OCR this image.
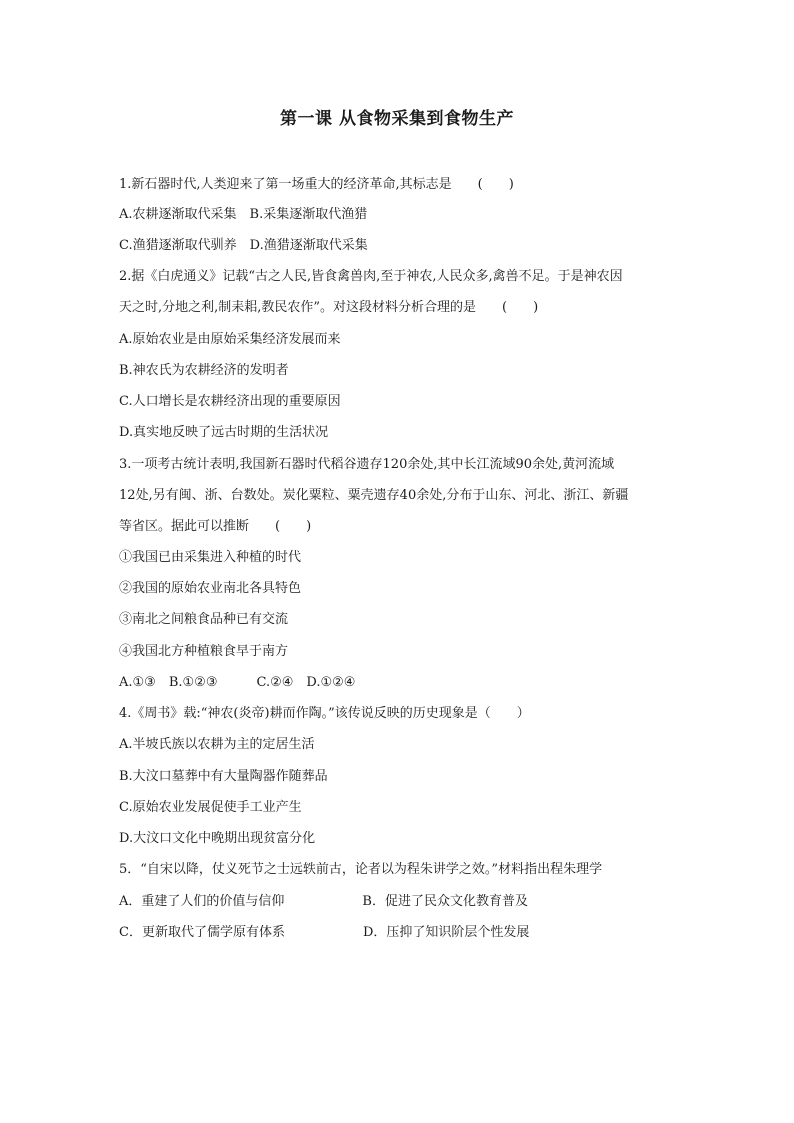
第一课 从食物采集到食物生产
1.新石器时代,人类迎来了第一场重大的经济革命,其标志是　　(　　)
A.农耕逐渐取代采集　B.采集逐渐取代渔猎
C.渔猎逐渐取代驯养　D.渔猎逐渐取代采集
2.据《白虎通义》记载“古之人民,皆食禽兽肉,至于神农,人民众多,禽兽不足。于是神农因
天之时,分地之利,制耒耜,教民农作”。对这段材料分析合理的是　　(　　)
A.原始农业是由原始采集经济发展而来
B.神农氏为农耕经济的发明者
C.人口增长是农耕经济出现的重要原因
D.真实地反映了远古时期的生活状况
3.一项考古统计表明,我国新石器时代稻谷遗存120余处,其中长江流域90余处,黄河流域
12处,另有闽、浙、台数处。炭化粟粒、粟壳遗存40余处,分布于山东、河北、浙江、新疆
等省区。据此可以推断　　(　　)
①我国已由采集进入种植的时代
②我国的原始农业南北各具特色
③南北之间粮食品种已有交流
④我国北方种植粮食早于南方
A.①③　B.①②③　　　C.②④　D.①②④
4.《周书》载:“神农(炎帝)耕而作陶。”该传说反映的历史现象是（　　）
A.半坡氏族以农耕为主的定居生活
B.大汶口墓葬中有大量陶器作随葬品
C.原始农业发展促使手工业产生
D.大汶口文化中晚期出现贫富分化
5．“自宋以降，仗义死节之士远轶前古，论者以为程朱讲学之效。”材料指出程朱理学
A．重建了人们的价值与信仰　　　　　　B．促进了民众文化教育普及
C．更新取代了儒学原有体系　　　　　　D．压抑了知识阶层个性发展
